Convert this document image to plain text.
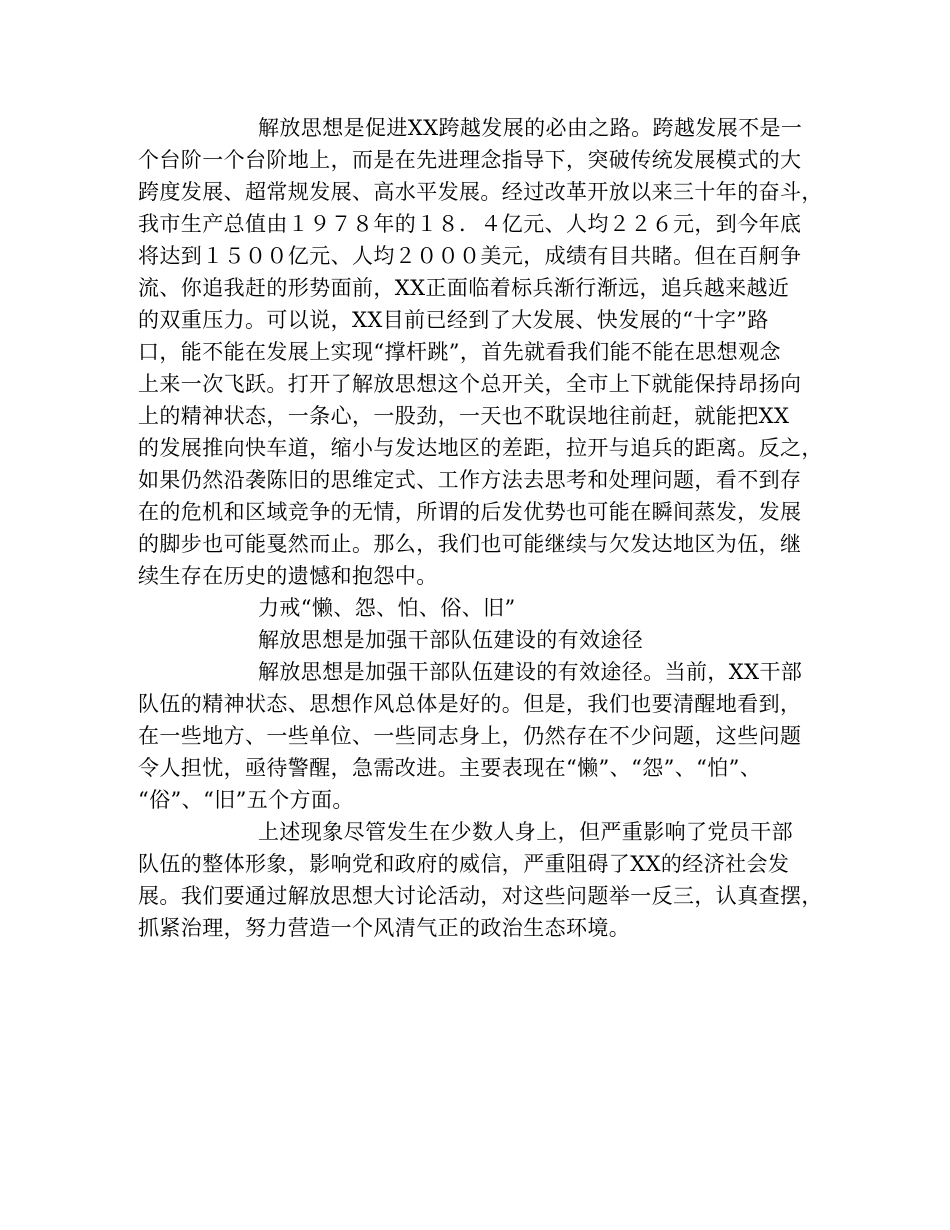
解放思想是促进XX跨越发展的必由之路。跨越发展不是一
个台阶一个台阶地上，而是在先进理念指导下，突破传统发展模式的大
跨度发展、超常规发展、高水平发展。经过改革开放以来三十年的奋斗，
我市生产总值由１９７８年的１８．４亿元、人均２２６元，到今年底
将达到１５００亿元、人均２０００美元，成绩有目共睹。但在百舸争
流、你追我赶的形势面前，XX正面临着标兵渐行渐远，追兵越来越近
的双重压力。可以说，XX目前已经到了大发展、快发展的“十字”路
口，能不能在发展上实现“撑杆跳”，首先就看我们能不能在思想观念
上来一次飞跃。打开了解放思想这个总开关，全市上下就能保持昂扬向
上的精神状态，一条心，一股劲，一天也不耽误地往前赶，就能把XX
的发展推向快车道，缩小与发达地区的差距，拉开与追兵的距离。反之，
如果仍然沿袭陈旧的思维定式、工作方法去思考和处理问题，看不到存
在的危机和区域竞争的无情，所谓的后发优势也可能在瞬间蒸发，发展
的脚步也可能戛然而止。那么，我们也可能继续与欠发达地区为伍，继
续生存在历史的遗憾和抱怨中。
力戒“懒、怨、怕、俗、旧”
解放思想是加强干部队伍建设的有效途径
解放思想是加强干部队伍建设的有效途径。当前，XX干部
队伍的精神状态、思想作风总体是好的。但是，我们也要清醒地看到，
在一些地方、一些单位、一些同志身上，仍然存在不少问题，这些问题
令人担忧，亟待警醒，急需改进。主要表现在“懒”、“怨”、“怕”、
“俗”、“旧”五个方面。
上述现象尽管发生在少数人身上，但严重影响了党员干部
队伍的整体形象，影响党和政府的威信，严重阻碍了XX的经济社会发
展。我们要通过解放思想大讨论活动，对这些问题举一反三，认真查摆，
抓紧治理，努力营造一个风清气正的政治生态环境。
